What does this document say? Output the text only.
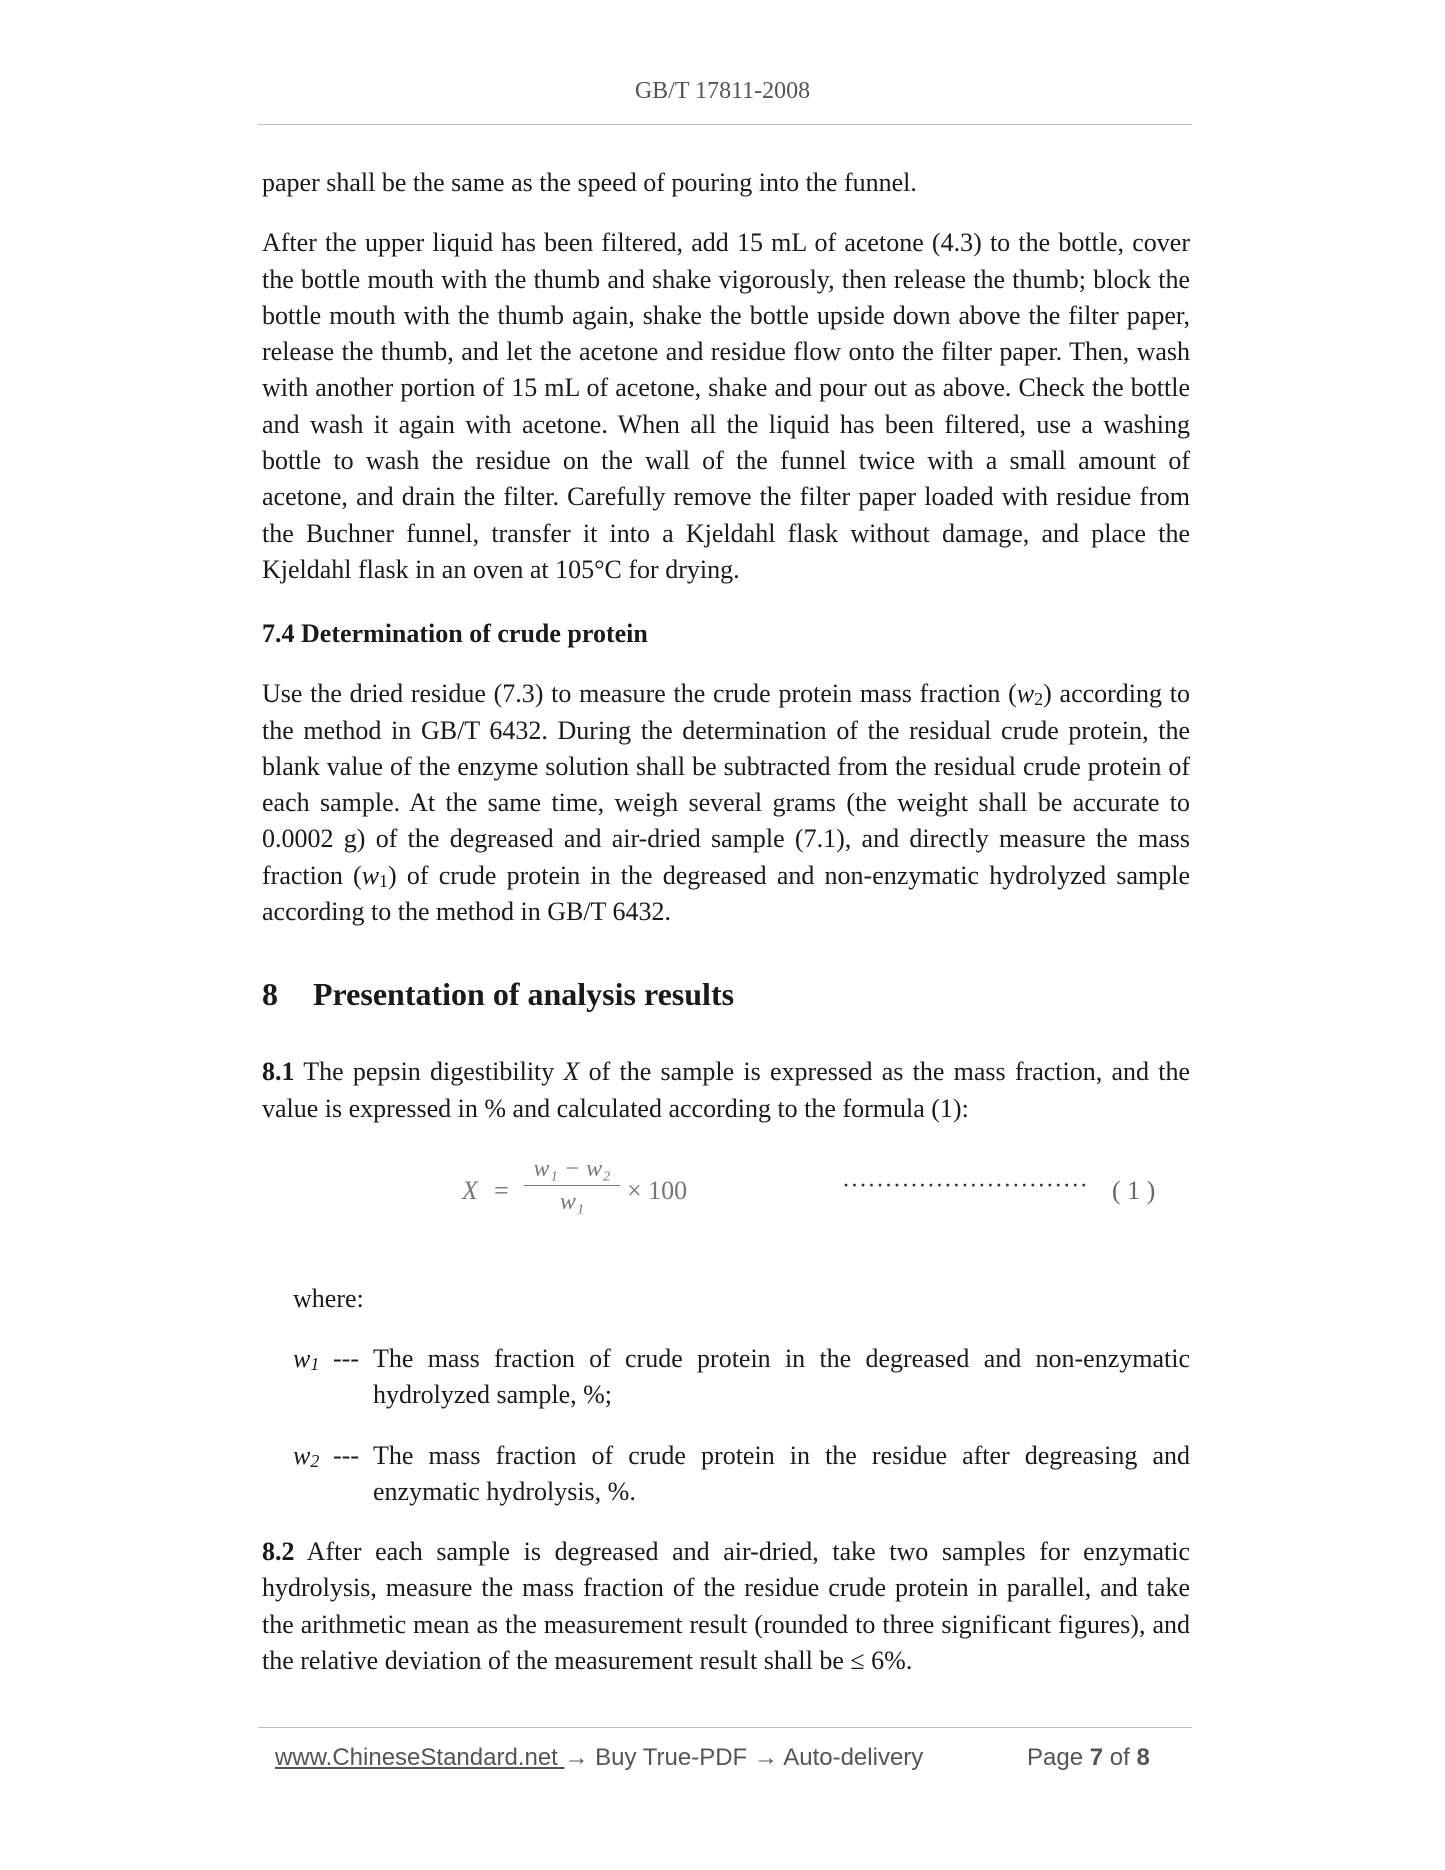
GB/T 17811-2008

paper shall be the same as the speed of pouring into the funnel.

After the upper liquid has been filtered, add 15 mL of acetone (4.3) to the bottle, cover the bottle mouth with the thumb and shake vigorously, then release the thumb; block the bottle mouth with the thumb again, shake the bottle upside down above the filter paper, release the thumb, and let the acetone and residue flow onto the filter paper. Then, wash with another portion of 15 mL of acetone, shake and pour out as above. Check the bottle and wash it again with acetone. When all the liquid has been filtered, use a washing bottle to wash the residue on the wall of the funnel twice with a small amount of acetone, and drain the filter. Carefully remove the filter paper loaded with residue from the Buchner funnel, transfer it into a Kjeldahl flask without damage, and place the Kjeldahl flask in an oven at 105°C for drying.

7.4 Determination of crude protein

Use the dried residue (7.3) to measure the crude protein mass fraction $(w_2)$ according to the method in GB/T 6432. During the determination of the residual crude protein, the blank value of the enzyme solution shall be subtracted from the residual crude protein of each sample. At the same time, weigh several grams (the weight shall be accurate to 0.0002 g) of the degreased and air-dried sample (7.1), and directly measure the mass fraction $(w_1)$ of crude protein in the degreased and non-enzymatic hydrolyzed sample according to the method in GB/T 6432.

8 Presentation of analysis results

8.1 The pepsin digestibility X of the sample is expressed as the mass fraction, and the value is expressed in % and calculated according to the formula (1):

X =
w₁ − w₂
w₁	× 100	····························· ( 1 )
where:
$w_1$ --- The mass fraction of crude protein in the degreased and non-enzymatic hydrolyzed sample, %;
$w_2$ --- The mass fraction of crude protein in the residue after degreasing and enzymatic hydrolysis, %.

8.2 After each sample is degreased and air-dried, take two samples for enzymatic hydrolysis, measure the mass fraction of the residue crude protein in parallel, and take the arithmetic mean as the measurement result (rounded to three significant figures), and the relative deviation of the measurement result shall be ≤ 6%.

www.ChineseStandard.net → Buy True-PDF → Auto-delivery	Page 7 of 8
